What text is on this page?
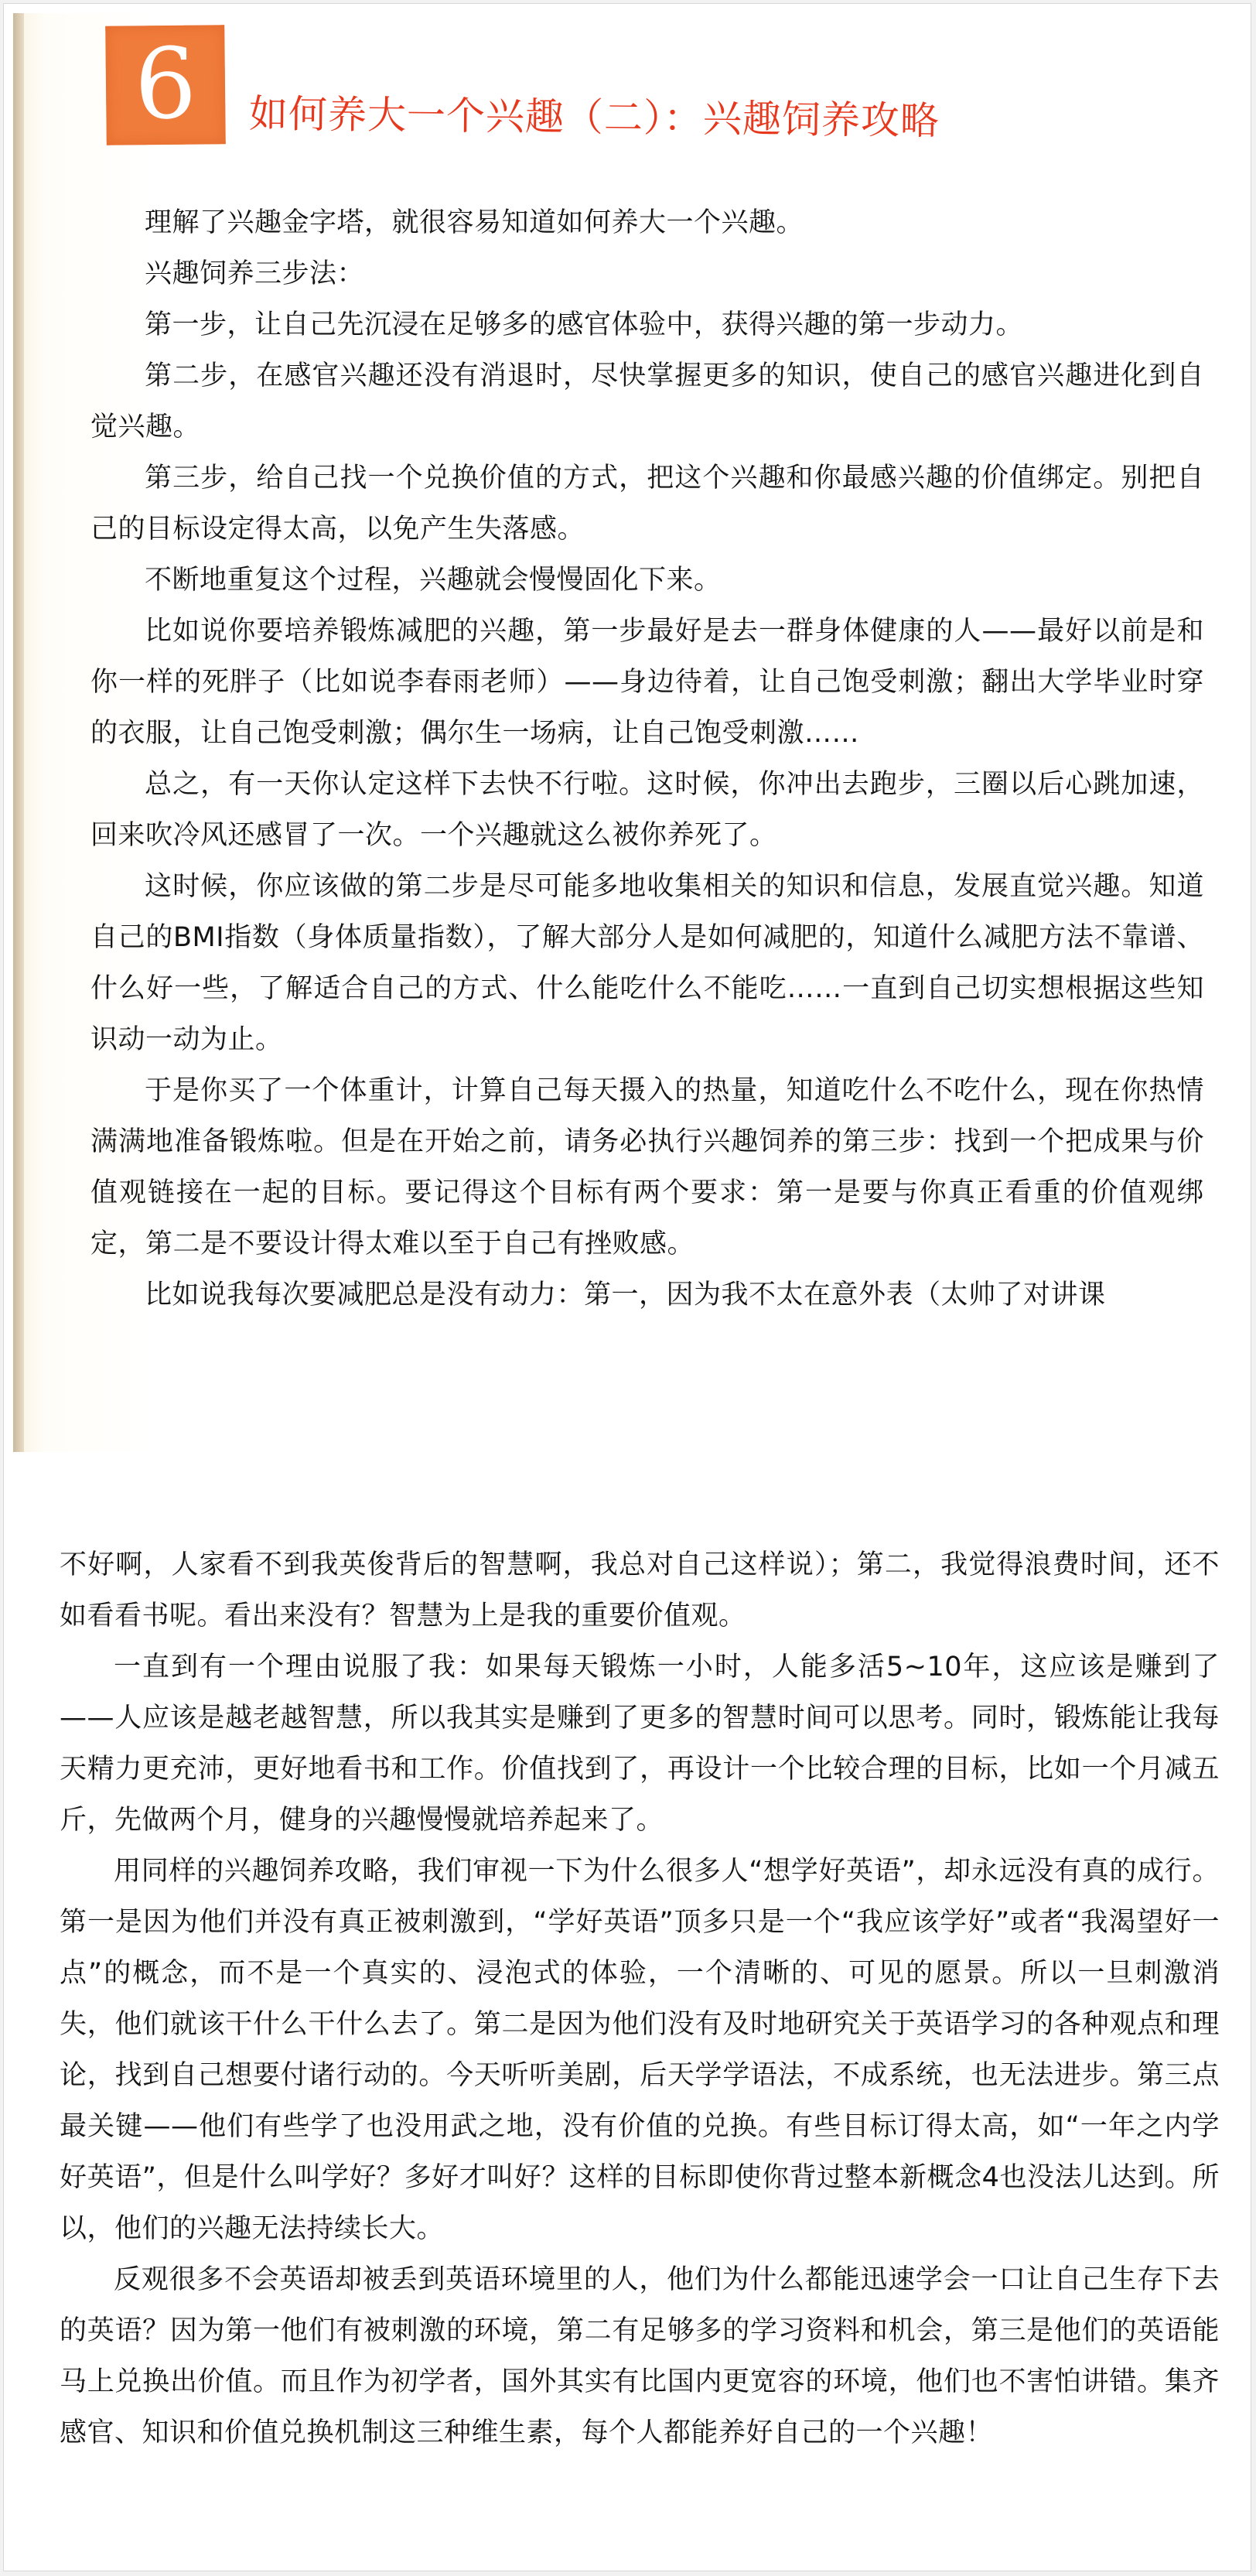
6	如何养大一个兴趣（二）：兴趣饲养攻略

理解了兴趣金字塔，就很容易知道如何养大一个兴趣。

兴趣饲养三步法：

第一步，让自己先沉浸在足够多的感官体验中，获得兴趣的第一步动力。

第二步，在感官兴趣还没有消退时，尽快掌握更多的知识，使自己的感官兴趣进化到自觉兴趣。

第三步，给自己找一个兑换价值的方式，把这个兴趣和你最感兴趣的价值绑定。别把自己的目标设定得太高，以免产生失落感。

不断地重复这个过程，兴趣就会慢慢固化下来。

比如说你要培养锻炼减肥的兴趣，第一步最好是去一群身体健康的人——最好以前是和你一样的死胖子（比如说李春雨老师）——身边待着，让自己饱受刺激；翻出大学毕业时穿的衣服，让自己饱受刺激；偶尔生一场病，让自己饱受刺激……

总之，有一天你认定这样下去快不行啦。这时候，你冲出去跑步，三圈以后心跳加速，回来吹冷风还感冒了一次。一个兴趣就这么被你养死了。

这时候，你应该做的第二步是尽可能多地收集相关的知识和信息，发展直觉兴趣。知道自己的BMI指数（身体质量指数），了解大部分人是如何减肥的，知道什么减肥方法不靠谱、什么好一些，了解适合自己的方式、什么能吃什么不能吃……一直到自己切实想根据这些知识动一动为止。

于是你买了一个体重计，计算自己每天摄入的热量，知道吃什么不吃什么，现在你热情满满地准备锻炼啦。但是在开始之前，请务必执行兴趣饲养的第三步：找到一个把成果与价值观链接在一起的目标。要记得这个目标有两个要求：第一是要与你真正看重的价值观绑定，第二是不要设计得太难以至于自己有挫败感。

比如说我每次要减肥总是没有动力：第一，因为我不太在意外表（太帅了对讲课

不好啊，人家看不到我英俊背后的智慧啊，我总对自己这样说）；第二，我觉得浪费时间，还不如看看书呢。看出来没有？智慧为上是我的重要价值观。

一直到有一个理由说服了我：如果每天锻炼一小时，人能多活5~10年，这应该是赚到了——人应该是越老越智慧，所以我其实是赚到了更多的智慧时间可以思考。同时，锻炼能让我每天精力更充沛，更好地看书和工作。价值找到了，再设计一个比较合理的目标，比如一个月减五斤，先做两个月，健身的兴趣慢慢就培养起来了。

用同样的兴趣饲养攻略，我们审视一下为什么很多人“想学好英语”，却永远没有真的成行。第一是因为他们并没有真正被刺激到，“学好英语”顶多只是一个“我应该学好”或者“我渴望好一点”的概念，而不是一个真实的、浸泡式的体验，一个清晰的、可见的愿景。所以一旦刺激消失，他们就该干什么干什么去了。第二是因为他们没有及时地研究关于英语学习的各种观点和理论，找到自己想要付诸行动的。今天听听美剧，后天学学语法，不成系统，也无法进步。第三点最关键——他们有些学了也没用武之地，没有价值的兑换。有些目标订得太高，如“一年之内学好英语”，但是什么叫学好？多好才叫好？这样的目标即使你背过整本新概念4也没法儿达到。所以，他们的兴趣无法持续长大。

反观很多不会英语却被丢到英语环境里的人，他们为什么都能迅速学会一口让自己生存下去的英语？因为第一他们有被刺激的环境，第二有足够多的学习资料和机会，第三是他们的英语能马上兑换出价值。而且作为初学者，国外其实有比国内更宽容的环境，他们也不害怕讲错。集齐感官、知识和价值兑换机制这三种维生素，每个人都能养好自己的一个兴趣！
